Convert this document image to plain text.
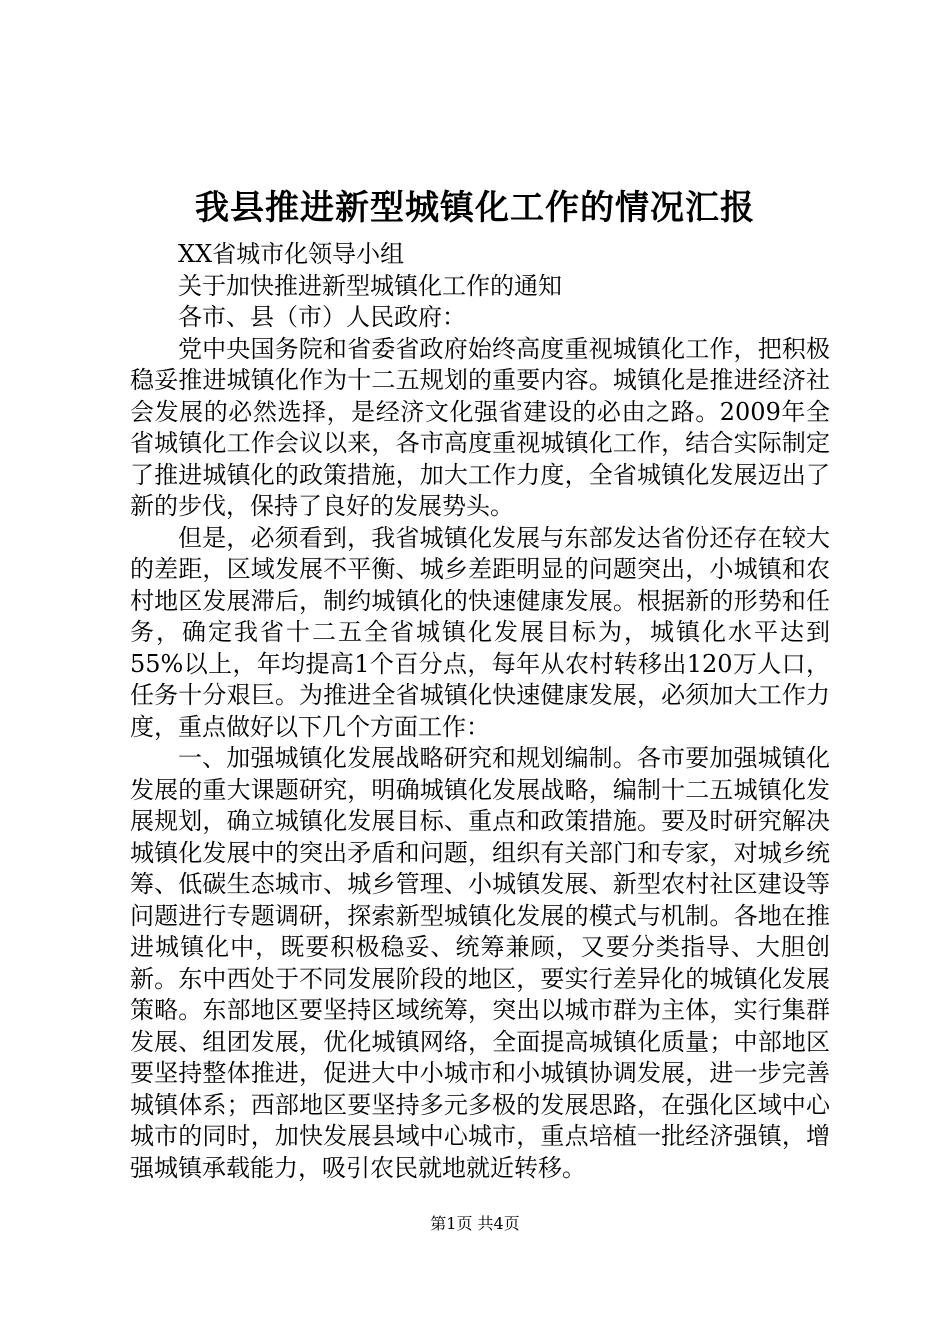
我县推进新型城镇化工作的情况汇报

XX省城市化领导小组

关于加快推进新型城镇化工作的通知

各市、县（市）人民政府：

党中央国务院和省委省政府始终高度重视城镇化工作，把积极稳妥推进城镇化作为十二五规划的重要内容。城镇化是推进经济社会发展的必然选择，是经济文化强省建设的必由之路。2009年全省城镇化工作会议以来，各市高度重视城镇化工作，结合实际制定了推进城镇化的政策措施，加大工作力度，全省城镇化发展迈出了新的步伐，保持了良好的发展势头。

但是，必须看到，我省城镇化发展与东部发达省份还存在较大的差距，区域发展不平衡、城乡差距明显的问题突出，小城镇和农村地区发展滞后，制约城镇化的快速健康发展。根据新的形势和任务，确定我省十二五全省城镇化发展目标为，城镇化水平达到55%以上，年均提高1个百分点，每年从农村转移出120万人口，任务十分艰巨。为推进全省城镇化快速健康发展，必须加大工作力度，重点做好以下几个方面工作：

一、加强城镇化发展战略研究和规划编制。各市要加强城镇化发展的重大课题研究，明确城镇化发展战略，编制十二五城镇化发展规划，确立城镇化发展目标、重点和政策措施。要及时研究解决城镇化发展中的突出矛盾和问题，组织有关部门和专家，对城乡统筹、低碳生态城市、城乡管理、小城镇发展、新型农村社区建设等问题进行专题调研，探索新型城镇化发展的模式与机制。各地在推进城镇化中，既要积极稳妥、统筹兼顾，又要分类指导、大胆创新。东中西处于不同发展阶段的地区，要实行差异化的城镇化发展策略。东部地区要坚持区域统筹，突出以城市群为主体，实行集群发展、组团发展，优化城镇网络，全面提高城镇化质量；中部地区要坚持整体推进，促进大中小城市和小城镇协调发展，进一步完善城镇体系；西部地区要坚持多元多极的发展思路，在强化区域中心城市的同时，加快发展县域中心城市，重点培植一批经济强镇，增强城镇承载能力，吸引农民就地就近转移。

第1页 共4页
